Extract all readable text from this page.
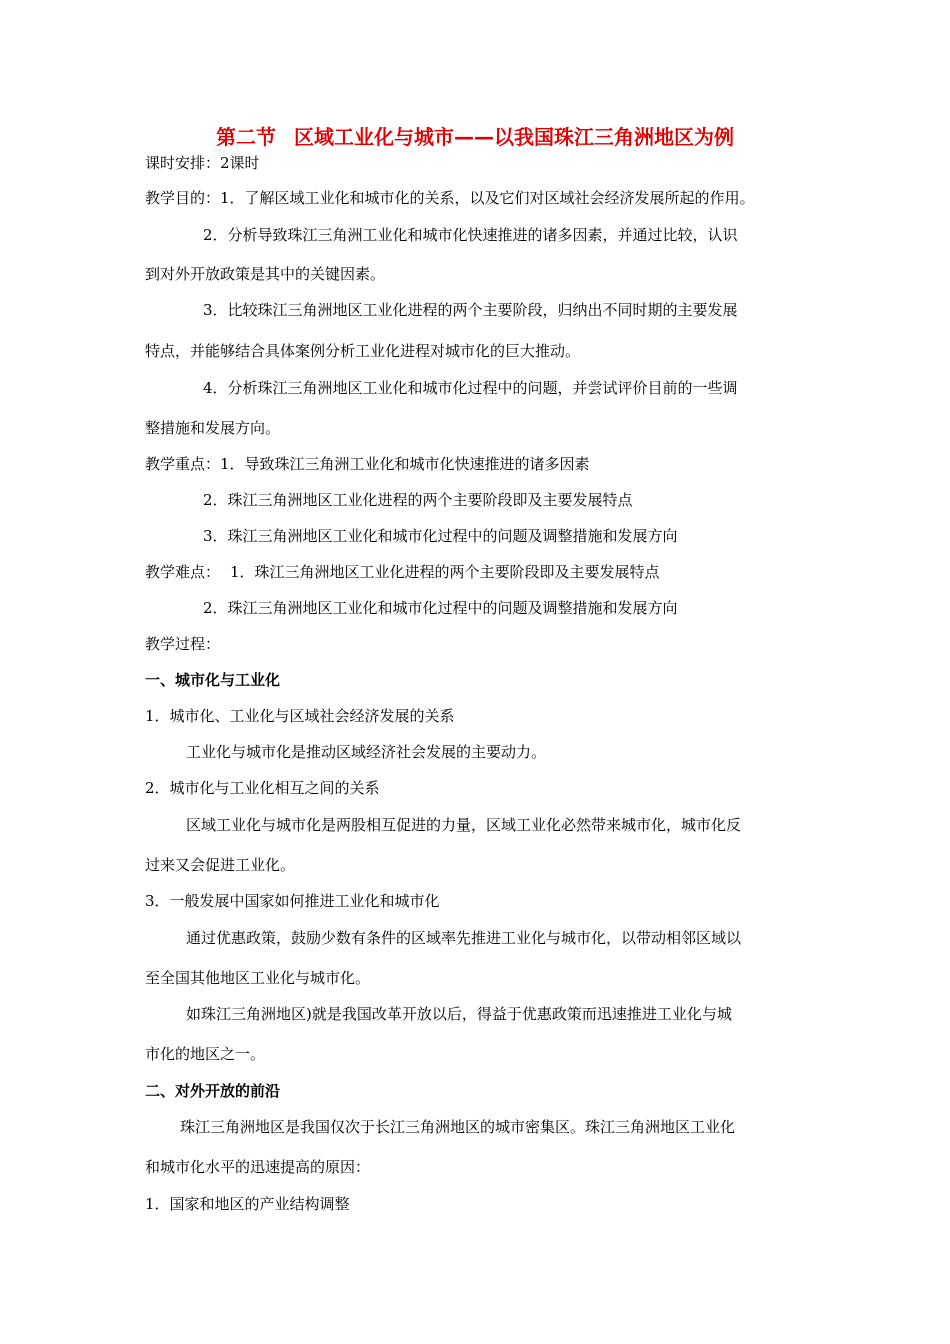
第二节 区域工业化与城市——以我国珠江三角洲地区为例
课时安排：2课时
教学目的：1．了解区域工业化和城市化的关系，以及它们对区域社会经济发展所起的作用。
2．分析导致珠江三角洲工业化和城市化快速推进的诸多因素，并通过比较，认识
到对外开放政策是其中的关键因素。
3．比较珠江三角洲地区工业化进程的两个主要阶段，归纳出不同时期的主要发展
特点，并能够结合具体案例分析工业化进程对城市化的巨大推动。
4．分析珠江三角洲地区工业化和城市化过程中的问题，并尝试评价目前的一些调
整措施和发展方向。
教学重点：1．导致珠江三角洲工业化和城市化快速推进的诸多因素
2．珠江三角洲地区工业化进程的两个主要阶段即及主要发展特点
3．珠江三角洲地区工业化和城市化过程中的问题及调整措施和发展方向
教学难点： 1．珠江三角洲地区工业化进程的两个主要阶段即及主要发展特点
2．珠江三角洲地区工业化和城市化过程中的问题及调整措施和发展方向
教学过程：
一、城市化与工业化
1．城市化、工业化与区域社会经济发展的关系
工业化与城市化是推动区域经济社会发展的主要动力。
2．城市化与工业化相互之间的关系
区域工业化与城市化是两股相互促进的力量，区域工业化必然带来城市化，城市化反
过来又会促进工业化。
3．一般发展中国家如何推进工业化和城市化
通过优惠政策，鼓励少数有条件的区域率先推进工业化与城市化，以带动相邻区域以
至全国其他地区工业化与城市化。
如珠江三角洲地区)就是我国改革开放以后，得益于优惠政策而迅速推进工业化与城
市化的地区之一。
二、对外开放的前沿
珠江三角洲地区是我国仅次于长江三角洲地区的城市密集区。珠江三角洲地区工业化
和城市化水平的迅速提高的原因：
1．国家和地区的产业结构调整
